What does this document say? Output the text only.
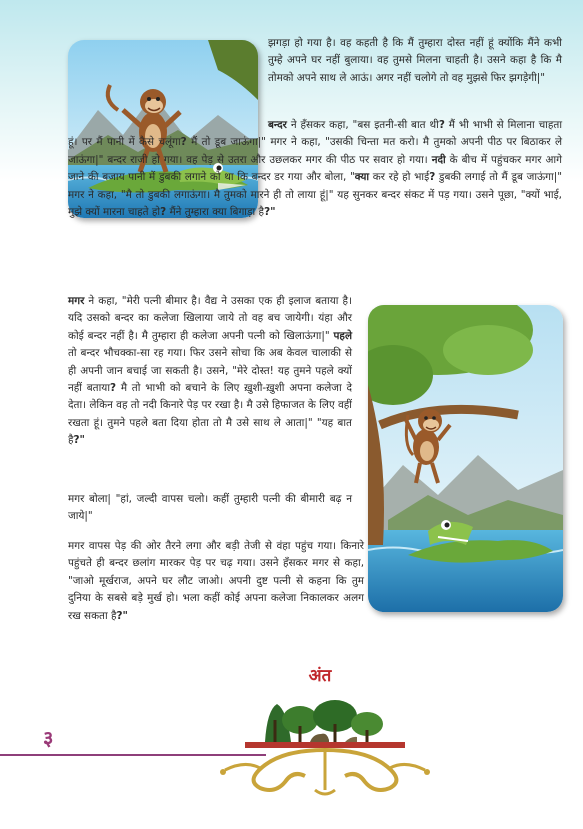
झगड़ा हो गया है। वह कहती है कि मैं तुम्हारा दोस्त नहीं हूं क्योंकि मैंने कभी तुम्हे अपने घर नहीं बुलाया। वह तुमसे मिलना चाहती है। उसने कहा है कि मै तोमको अपने साथ ले आऊं। अगर नहीं चलोगे तो वह मुझसे फिर झगड़ेगी|"

बन्दर ने हँसकर कहा, "बस इतनी-सी बात थी? मैं भी भाभी से मिलाना चाहता हूं। पर मैं पानी में कैसे चलूंगा? मैं तो डूब जाऊंगा|" मगर ने कहा, "उसकी चिन्ता मत करो। मै तुमको अपनी पीठ पर बिठाकर ले जाऊंगा|" बन्दर राजी हो गया। वह पेड़ से उतरा और उछलकर मगर की पीठ पर सवार हो गया। नदी के बीच में पहुंचकर मगर आगे जाने की बजाय पानी में डुबकी लगाने को था कि बन्दर डर गया और बोला, "क्या कर रहे हो भाई? डुबकी लगाई तो मैं डूब जाऊंगा|" मगर ने कहा, "मै तो डुबकी लगाऊंगा। मै तुमको मारने ही तो लाया हूं|" यह सुनकर बन्दर संकट में पड़ गया। उसने पूछा, "क्यों भाई, मुझे क्यों मारना चाहते हो? मैंने तुम्हारा क्या बिगाड़ा है?"

मगर ने कहा, "मेरी पत्नी बीमार है। वैद्य ने उसका एक ही इलाज बताया है। यदि उसको बन्दर का कलेजा खिलाया जाये तो वह बच जायेगी। यंहा और कोई बन्दर नहीं है। मै तुम्हारा ही कलेजा अपनी पत्नी को खिलाऊंगा|" पहले तो बन्दर भौचक्का-सा रह गया। फिर उसने सोचा कि अब केवल चालाकी से ही अपनी जान बचाई जा सकती है। उसने, "मेरे दोस्त! यह तुमने पहले क्यों नहीं बताया? मै तो भाभी को बचाने के लिए ख़ुशी-ख़ुशी अपना कलेजा दे देता। लेकिन वह तो नदी किनारे पेड़ पर रखा है। मै उसे हिफाजत के लिए वहीं रखता हूं। तुमने पहले बता दिया होता तो मै उसे साथ ले आता|" "यह बात है?"

मगर बोला| "हां, जल्दी वापस चलो। कहीं तुम्हारी पत्नी की बीमारी बढ़ न जाये|"

मगर वापस पेड़ की ओर तैरने लगा और बड़ी तेजी से वंहा पहुंच गया। किनारे पहुंचते ही बन्दर छलांग मारकर पेड़ पर चढ़ गया। उसने हँसकर मगर से कहा, "जाओ मूर्खराज, अपने घर लौट जाओ। अपनी दुष्ट पत्नी से कहना कि तुम दुनिया के सबसे बड़े मुर्ख हो। भला कहीं कोई अपना कलेजा निकालकर अलग रख सकता है?"

अंत
३
